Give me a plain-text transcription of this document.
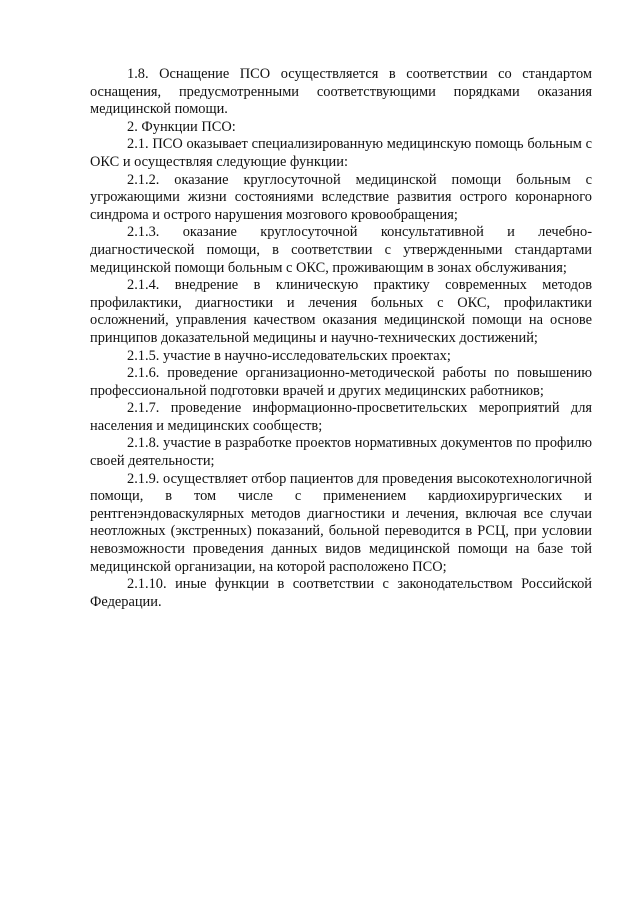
1.8. Оснащение ПСО осуществляется в соответствии со стандартом оснащения, предусмотренными соответствующими порядками оказания медицинской помощи.

2. Функции ПСО:

2.1. ПСО оказывает специализированную медицинскую помощь больным с ОКС и осуществляя следующие функции:

2.1.2. оказание круглосуточной медицинской помощи больным с угрожающими жизни состояниями вследствие развития острого коронарного синдрома и острого нарушения мозгового кровообращения;

2.1.3. оказание круглосуточной консультативной и лечебно-диагностической помощи, в соответствии с утвержденными стандартами медицинской помощи больным с ОКС, проживающим в зонах обслуживания;

2.1.4. внедрение в клиническую практику современных методов профилактики, диагностики и лечения больных с ОКС, профилактики осложнений, управления качеством оказания медицинской помощи на основе принципов доказательной медицины и научно-технических достижений;

2.1.5. участие в научно-исследовательских проектах;

2.1.6. проведение организационно-методической работы по повышению профессиональной подготовки врачей и других медицинских работников;

2.1.7. проведение информационно-просветительских мероприятий для населения и медицинских сообществ;

2.1.8. участие в разработке проектов нормативных документов по профилю своей деятельности;

2.1.9. осуществляет отбор пациентов для проведения высокотехнологичной помощи, в том числе с применением кардиохирургических и рентгенэндоваскулярных методов диагностики и лечения, включая все случаи неотложных (экстренных) показаний, больной переводится в РСЦ, при условии невозможности проведения данных видов медицинской помощи на базе той медицинской организации, на которой расположено ПСО;

2.1.10. иные функции в соответствии с законодательством Российской Федерации.
